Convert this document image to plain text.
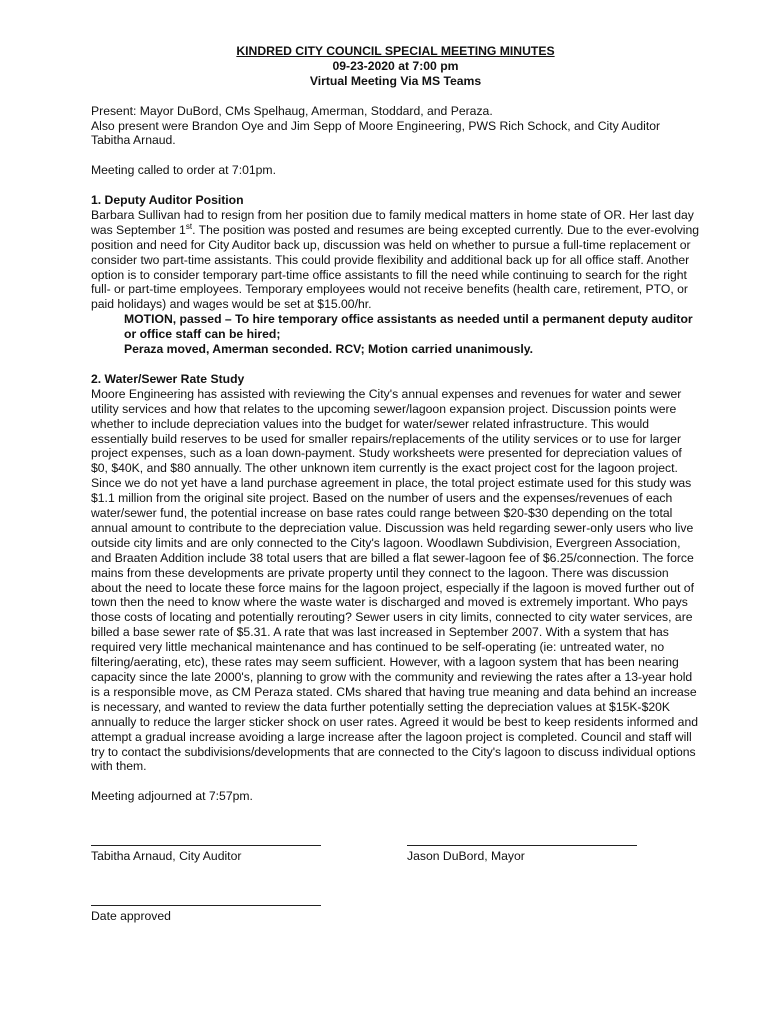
KINDRED CITY COUNCIL SPECIAL MEETING MINUTES
09-23-2020 at 7:00 pm
Virtual Meeting Via MS Teams

Present: Mayor DuBord, CMs Spelhaug, Amerman, Stoddard, and Peraza.

Also present were Brandon Oye and Jim Sepp of Moore Engineering, PWS Rich Schock, and City Auditor Tabitha Arnaud.

Meeting called to order at 7:01pm.

1. Deputy Auditor Position

Barbara Sullivan had to resign from her position due to family medical matters in home state of OR. Her last day was September 1st. The position was posted and resumes are being excepted currently. Due to the ever-evolving position and need for City Auditor back up, discussion was held on whether to pursue a full-time replacement or consider two part-time assistants. This could provide flexibility and additional back up for all office staff. Another option is to consider temporary part-time office assistants to fill the need while continuing to search for the right full- or part-time employees. Temporary employees would not receive benefits (health care, retirement, PTO, or paid holidays) and wages would be set at $15.00/hr.

MOTION, passed – To hire temporary office assistants as needed until a permanent deputy auditor or office staff can be hired;

Peraza moved, Amerman seconded. RCV; Motion carried unanimously.

2. Water/Sewer Rate Study

Moore Engineering has assisted with reviewing the City's annual expenses and revenues for water and sewer utility services and how that relates to the upcoming sewer/lagoon expansion project. Discussion points were whether to include depreciation values into the budget for water/sewer related infrastructure. This would essentially build reserves to be used for smaller repairs/replacements of the utility services or to use for larger project expenses, such as a loan down-payment. Study worksheets were presented for depreciation values of $0, $40K, and $80 annually. The other unknown item currently is the exact project cost for the lagoon project. Since we do not yet have a land purchase agreement in place, the total project estimate used for this study was $1.1 million from the original site project. Based on the number of users and the expenses/revenues of each water/sewer fund, the potential increase on base rates could range between $20-$30 depending on the total annual amount to contribute to the depreciation value. Discussion was held regarding sewer-only users who live outside city limits and are only connected to the City's lagoon. Woodlawn Subdivision, Evergreen Association, and Braaten Addition include 38 total users that are billed a flat sewer-lagoon fee of $6.25/connection. The force mains from these developments are private property until they connect to the lagoon. There was discussion about the need to locate these force mains for the lagoon project, especially if the lagoon is moved further out of town then the need to know where the waste water is discharged and moved is extremely important. Who pays those costs of locating and potentially rerouting? Sewer users in city limits, connected to city water services, are billed a base sewer rate of $5.31. A rate that was last increased in September 2007. With a system that has required very little mechanical maintenance and has continued to be self-operating (ie: untreated water, no filtering/aerating, etc), these rates may seem sufficient. However, with a lagoon system that has been nearing capacity since the late 2000's, planning to grow with the community and reviewing the rates after a 13-year hold is a responsible move, as CM Peraza stated. CMs shared that having true meaning and data behind an increase is necessary, and wanted to review the data further potentially setting the depreciation values at $15K-$20K annually to reduce the larger sticker shock on user rates. Agreed it would be best to keep residents informed and attempt a gradual increase avoiding a large increase after the lagoon project is completed. Council and staff will try to contact the subdivisions/developments that are connected to the City's lagoon to discuss individual options with them.

Meeting adjourned at 7:57pm.

Tabitha Arnaud, City Auditor	Jason DuBord, Mayor
Date approved
